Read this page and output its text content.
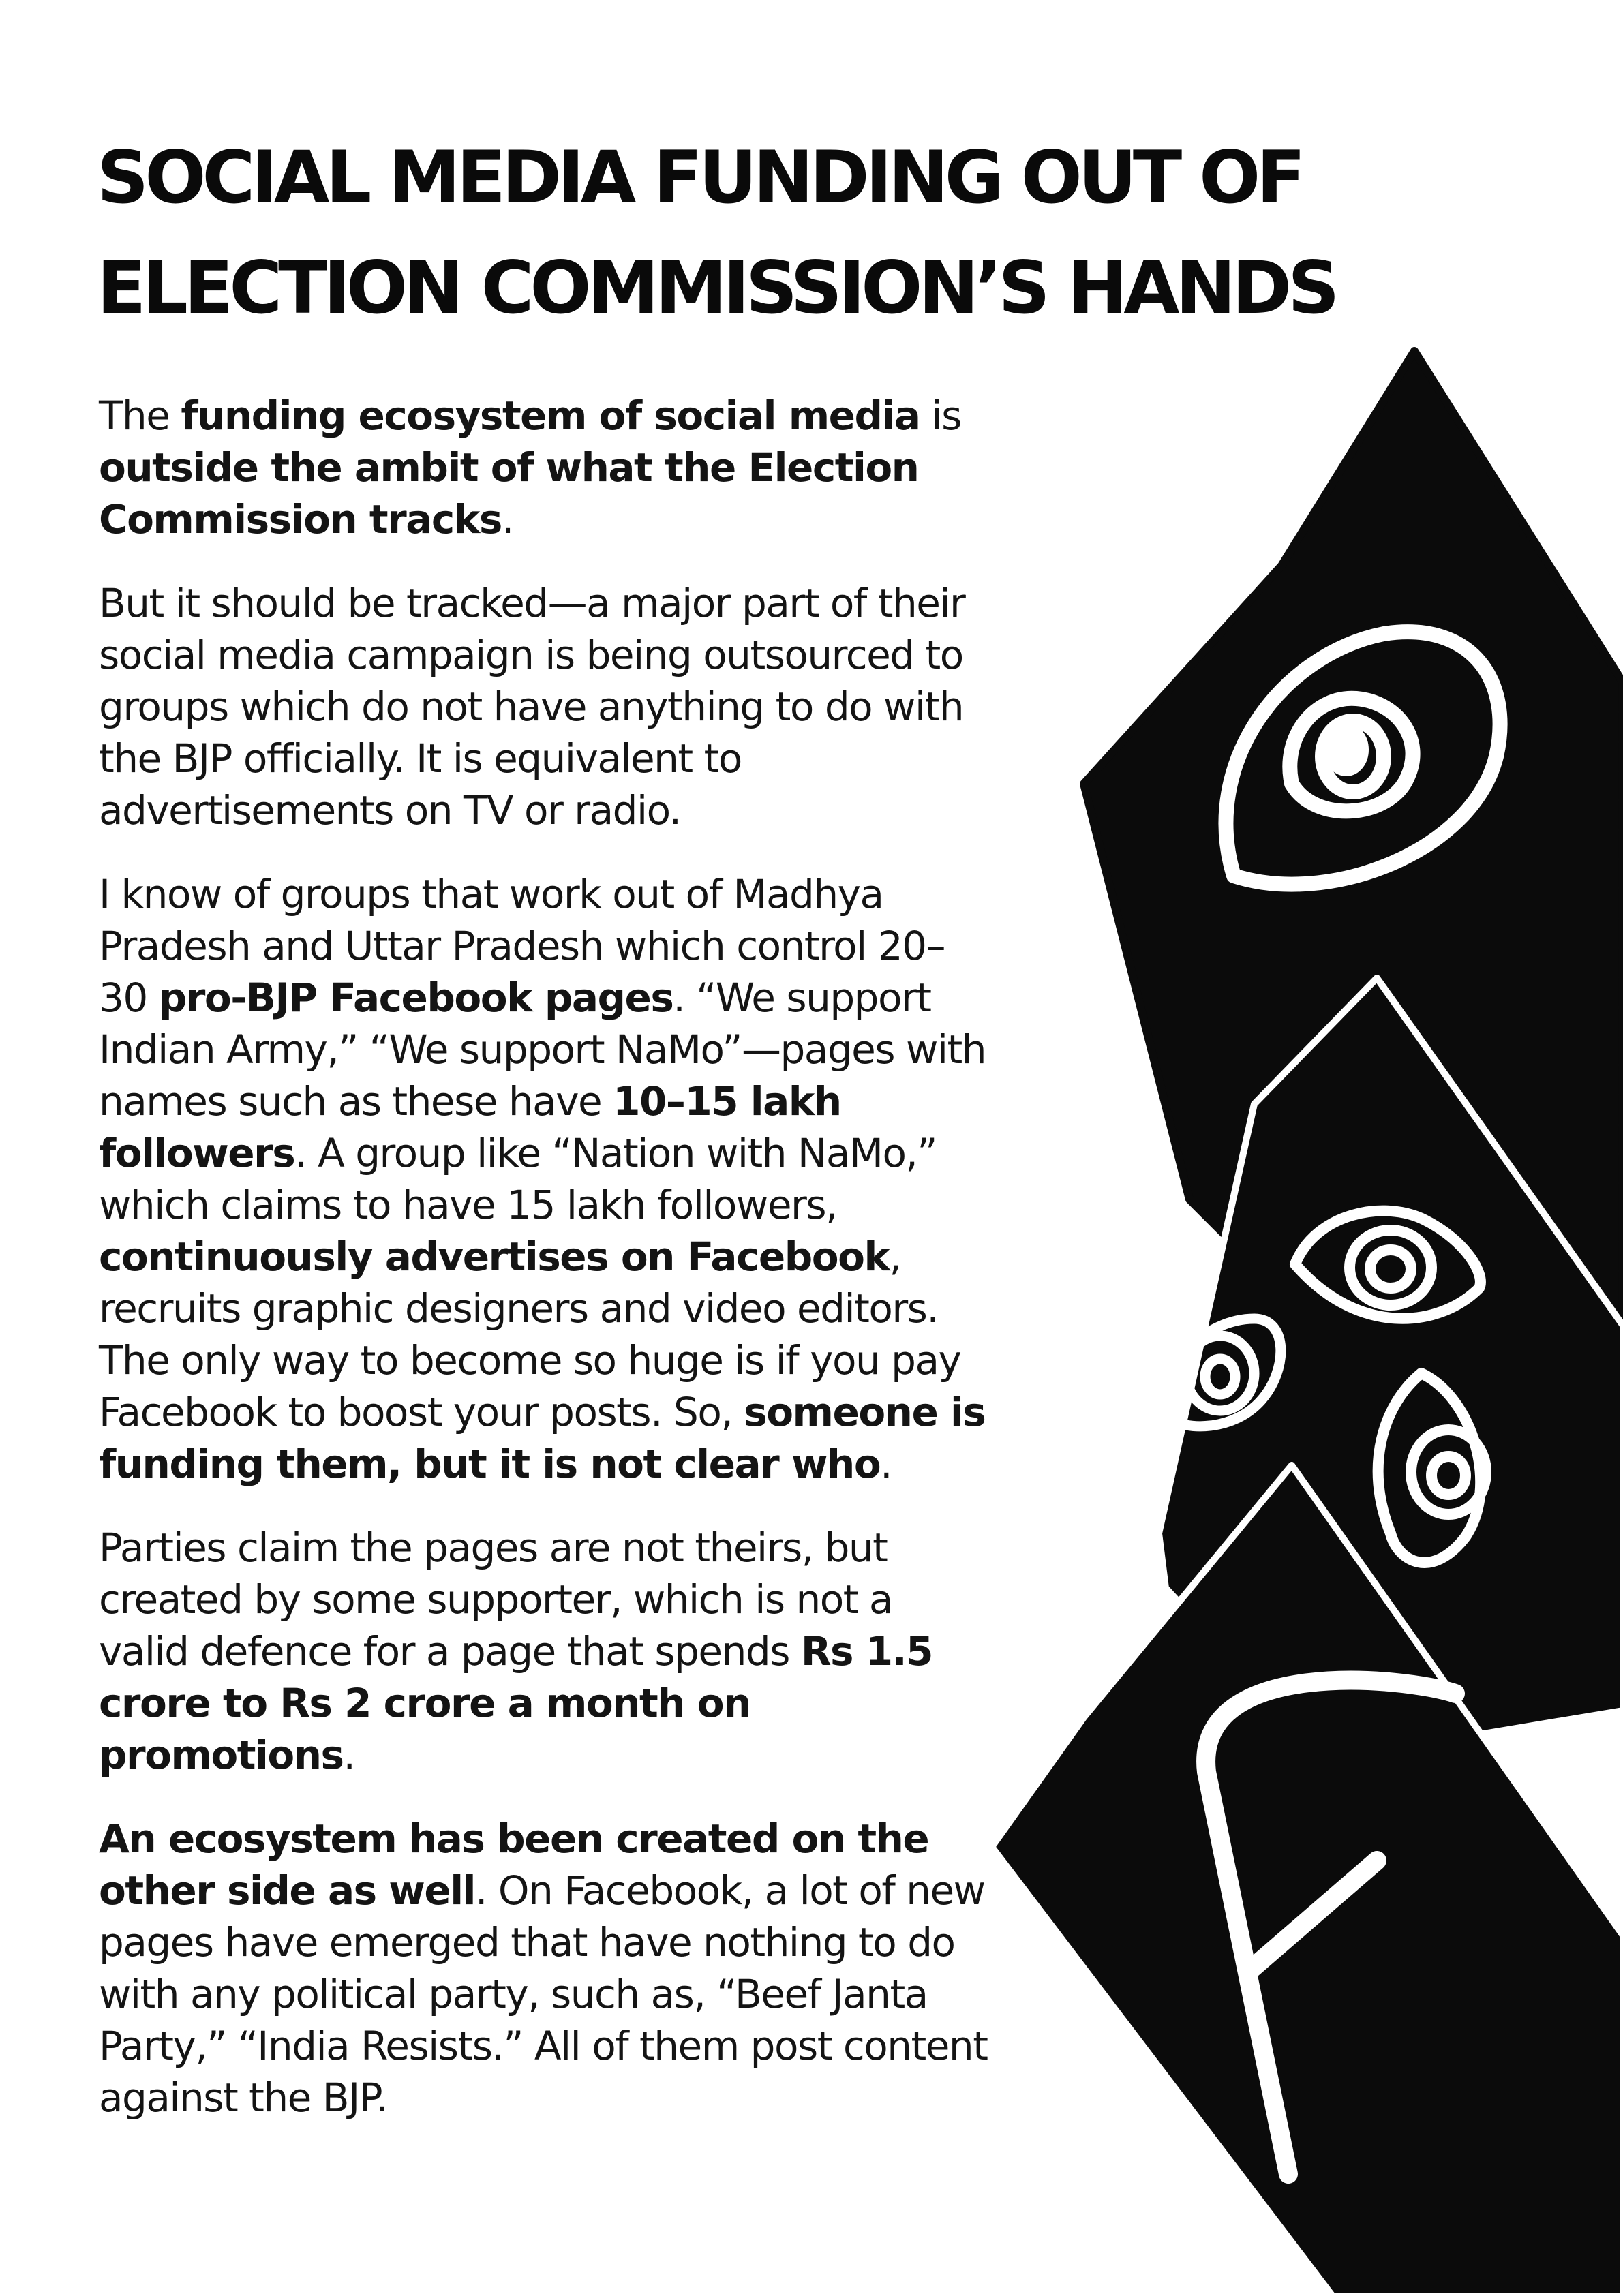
SOCIAL MEDIA FUNDING OUT OF
ELECTION COMMISSION’S HANDS

The funding ecosystem of social media is outside the ambit of what the Election Commission tracks.

But it should be tracked—a major part of their social media campaign is being outsourced to groups which do not have anything to do with the BJP officially. It is equivalent to advertisements on TV or radio.

I know of groups that work out of Madhya Pradesh and Uttar Pradesh which control 20–30 pro-BJP Facebook pages. “We support Indian Army,” “We support NaMo”—pages with names such as these have 10–15 lakh followers. A group like “Nation with NaMo,” which claims to have 15 lakh followers, continuously advertises on Facebook, recruits graphic designers and video editors. The only way to become so huge is if you pay Facebook to boost your posts. So, someone is funding them, but it is not clear who.

Parties claim the pages are not theirs, but created by some supporter, which is not a valid defence for a page that spends Rs 1.5 crore to Rs 2 crore a month on promotions.

An ecosystem has been created on the other side as well. On Facebook, a lot of new pages have emerged that have nothing to do with any political party, such as, “Beef Janta Party,” “India Resists.” All of them post content against the BJP.
